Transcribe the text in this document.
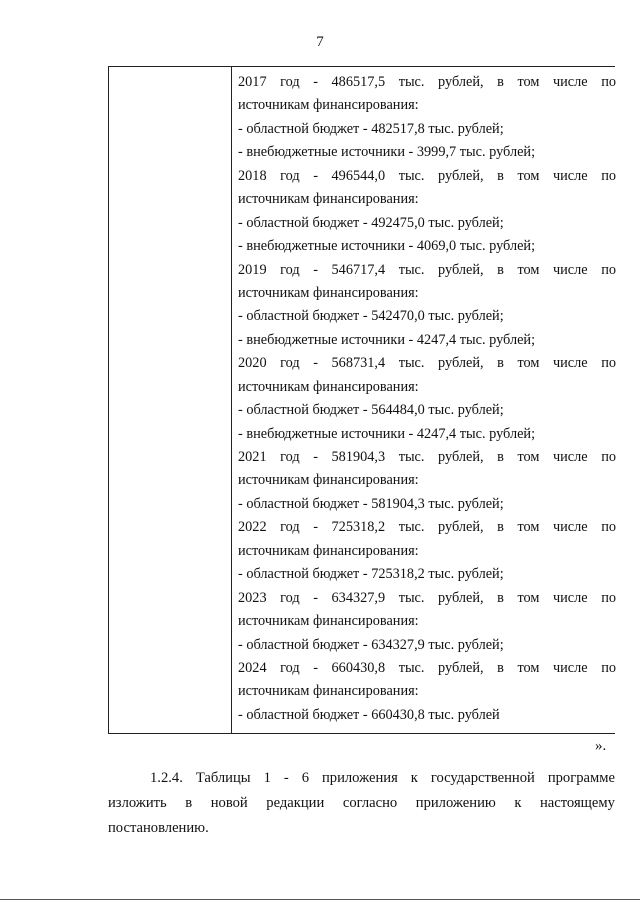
7
2017 год - 486517,5 тыс. рублей, в том числе по
источникам финансирования:
- областной бюджет - 482517,8 тыс. рублей;
- внебюджетные источники - 3999,7 тыс. рублей;
2018 год - 496544,0 тыс. рублей, в том числе по
источникам финансирования:
- областной бюджет - 492475,0 тыс. рублей;
- внебюджетные источники - 4069,0 тыс. рублей;
2019 год - 546717,4 тыс. рублей, в том числе по
источникам финансирования:
- областной бюджет - 542470,0 тыс. рублей;
- внебюджетные источники - 4247,4 тыс. рублей;
2020 год - 568731,4 тыс. рублей, в том числе по
источникам финансирования:
- областной бюджет - 564484,0 тыс. рублей;
- внебюджетные источники - 4247,4 тыс. рублей;
2021 год - 581904,3 тыс. рублей, в том числе по
источникам финансирования:
- областной бюджет - 581904,3 тыс. рублей;
2022 год - 725318,2 тыс. рублей, в том числе по
источникам финансирования:
- областной бюджет - 725318,2 тыс. рублей;
2023 год - 634327,9 тыс. рублей, в том числе по
источникам финансирования:
- областной бюджет - 634327,9 тыс. рублей;
2024 год - 660430,8 тыс. рублей, в том числе по
источникам финансирования:
- областной бюджет - 660430,8 тыс. рублей
».
1.2.4. Таблицы 1 - 6 приложения к государственной программе
изложить в новой редакции согласно приложению к настоящему
постановлению.
